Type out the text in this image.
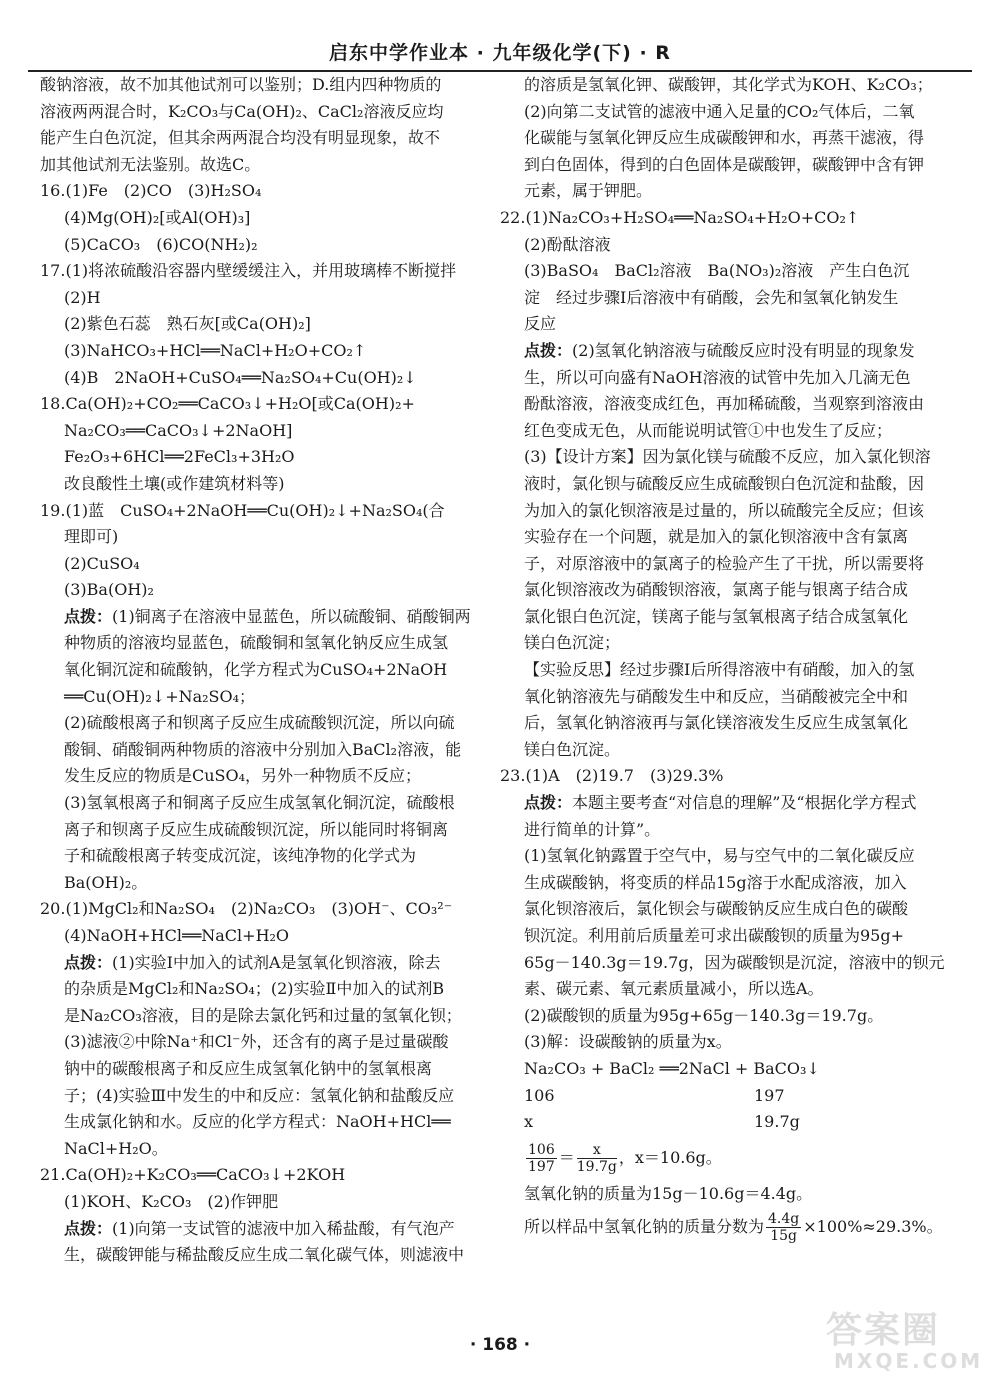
启东中学作业本 · 九年级化学(下) · R

酸钠溶液，故不加其他试剂可以鉴别；D.组内四种物质的

溶液两两混合时，K₂CO₃与Ca(OH)₂、CaCl₂溶液反应均

能产生白色沉淀，但其余两两混合均没有明显现象，故不

加其他试剂无法鉴别。故选C。

16.(1)Fe　(2)CO　(3)H₂SO₄

(4)Mg(OH)₂[或Al(OH)₃]

(5)CaCO₃　(6)CO(NH₂)₂

17.(1)将浓硫酸沿容器内壁缓缓注入，并用玻璃棒不断搅拌

(2)H

(2)紫色石蕊　熟石灰[或Ca(OH)₂]

(3)NaHCO₃+HCl══NaCl+H₂O+CO₂↑

(4)B　2NaOH+CuSO₄══Na₂SO₄+Cu(OH)₂↓

18.Ca(OH)₂+CO₂══CaCO₃↓+H₂O[或Ca(OH)₂+

Na₂CO₃══CaCO₃↓+2NaOH]

Fe₂O₃+6HCl══2FeCl₃+3H₂O

改良酸性土壤(或作建筑材料等)

19.(1)蓝　CuSO₄+2NaOH══Cu(OH)₂↓+Na₂SO₄(合

理即可)

(2)CuSO₄

(3)Ba(OH)₂

点拨：(1)铜离子在溶液中显蓝色，所以硫酸铜、硝酸铜两

种物质的溶液均显蓝色，硫酸铜和氢氧化钠反应生成氢

氧化铜沉淀和硫酸钠，化学方程式为CuSO₄+2NaOH

══Cu(OH)₂↓+Na₂SO₄；

(2)硫酸根离子和钡离子反应生成硫酸钡沉淀，所以向硫

酸铜、硝酸铜两种物质的溶液中分别加入BaCl₂溶液，能

发生反应的物质是CuSO₄，另外一种物质不反应；

(3)氢氧根离子和铜离子反应生成氢氧化铜沉淀，硫酸根

离子和钡离子反应生成硫酸钡沉淀，所以能同时将铜离

子和硫酸根离子转变成沉淀，该纯净物的化学式为

Ba(OH)₂。

20.(1)MgCl₂和Na₂SO₄　(2)Na₂CO₃　(3)OH⁻、CO₃²⁻

(4)NaOH+HCl══NaCl+H₂O

点拨：(1)实验Ⅰ中加入的试剂A是氢氧化钡溶液，除去

的杂质是MgCl₂和Na₂SO₄；(2)实验Ⅱ中加入的试剂B

是Na₂CO₃溶液，目的是除去氯化钙和过量的氢氧化钡；

(3)滤液②中除Na⁺和Cl⁻外，还含有的离子是过量碳酸

钠中的碳酸根离子和反应生成氢氧化钠中的氢氧根离

子；(4)实验Ⅲ中发生的中和反应：氢氧化钠和盐酸反应

生成氯化钠和水。反应的化学方程式：NaOH+HCl══

NaCl+H₂O。

21.Ca(OH)₂+K₂CO₃══CaCO₃↓+2KOH

(1)KOH、K₂CO₃　(2)作钾肥

点拨：(1)向第一支试管的滤液中加入稀盐酸，有气泡产

生，碳酸钾能与稀盐酸反应生成二氧化碳气体，则滤液中

的溶质是氢氧化钾、碳酸钾，其化学式为KOH、K₂CO₃；

(2)向第二支试管的滤液中通入足量的CO₂气体后，二氧

化碳能与氢氧化钾反应生成碳酸钾和水，再蒸干滤液，得

到白色固体，得到的白色固体是碳酸钾，碳酸钾中含有钾

元素，属于钾肥。

22.(1)Na₂CO₃+H₂SO₄══Na₂SO₄+H₂O+CO₂↑

(2)酚酞溶液

(3)BaSO₄　BaCl₂溶液　Ba(NO₃)₂溶液　产生白色沉

淀　经过步骤Ⅰ后溶液中有硝酸，会先和氢氧化钠发生

反应

点拨：(2)氢氧化钠溶液与硫酸反应时没有明显的现象发

生，所以可向盛有NaOH溶液的试管中先加入几滴无色

酚酞溶液，溶液变成红色，再加稀硫酸，当观察到溶液由

红色变成无色，从而能说明试管①中也发生了反应；

(3)【设计方案】因为氯化镁与硫酸不反应，加入氯化钡溶

液时，氯化钡与硫酸反应生成硫酸钡白色沉淀和盐酸，因

为加入的氯化钡溶液是过量的，所以硫酸完全反应；但该

实验存在一个问题，就是加入的氯化钡溶液中含有氯离

子，对原溶液中的氯离子的检验产生了干扰，所以需要将

氯化钡溶液改为硝酸钡溶液，氯离子能与银离子结合成

氯化银白色沉淀，镁离子能与氢氧根离子结合成氢氧化

镁白色沉淀；

【实验反思】经过步骤Ⅰ后所得溶液中有硝酸，加入的氢

氧化钠溶液先与硝酸发生中和反应，当硝酸被完全中和

后，氢氧化钠溶液再与氯化镁溶液发生反应生成氢氧化

镁白色沉淀。

23.(1)A　(2)19.7　(3)29.3%

点拨：本题主要考查“对信息的理解”及“根据化学方程式

进行简单的计算”。

(1)氢氧化钠露置于空气中，易与空气中的二氧化碳反应

生成碳酸钠，将变质的样品15g溶于水配成溶液，加入

氯化钡溶液后，氯化钡会与碳酸钠反应生成白色的碳酸

钡沉淀。利用前后质量差可求出碳酸钡的质量为95g+

65g－140.3g＝19.7g，因为碳酸钡是沉淀，溶液中的钡元

素、碳元素、氧元素质量减小，所以选A。

(2)碳酸钡的质量为95g+65g－140.3g＝19.7g。

(3)解：设碳酸钠的质量为x。

Na₂CO₃ + BaCl₂ ══2NaCl + BaCO₃↓

106	197
x	19.7g
$\frac{106}{197} = \frac{x}{19.7g}$ ，x＝10.6g。

氢氧化钠的质量为15g－10.6g＝4.4g。

所以样品中氢氧化钠的质量分数为 $\frac{4.4g}{15g} \times 100\%\approx 29.3\%$。
· 168 ·	答案圈
MXQE.COM
